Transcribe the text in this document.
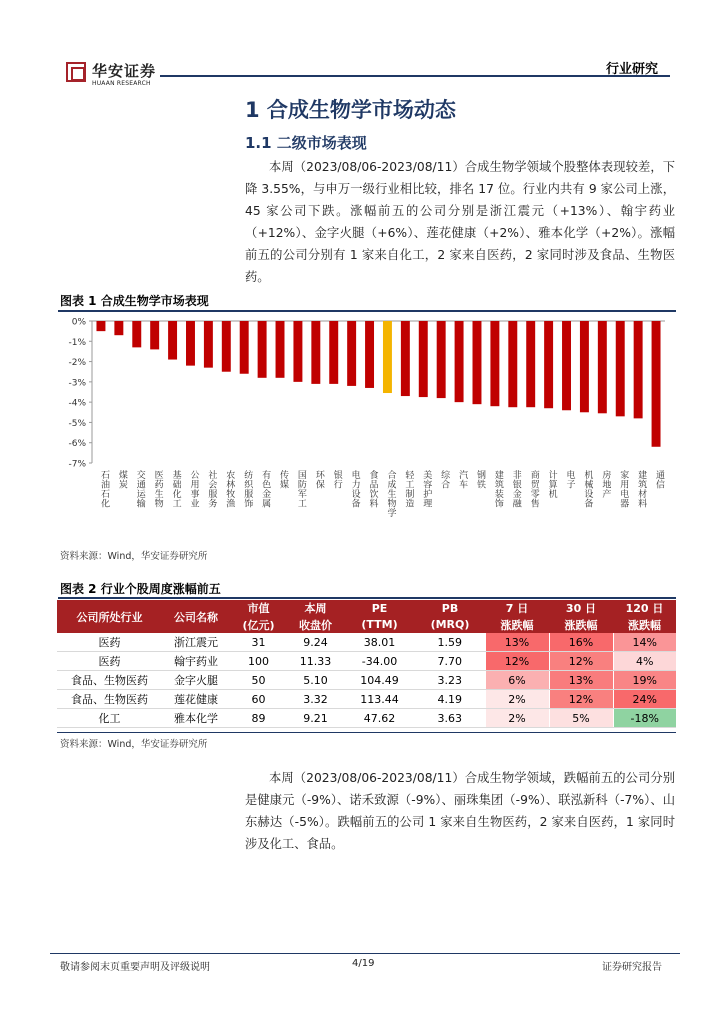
华安证券
HUAAN RESEARCH
行业研究
1 合成生物学市场动态
1.1 二级市场表现
本周（2023/08/06-2023/08/11）合成生物学领域个股整体表现较差，下降 3.55%，与申万一级行业相比较，排名 17 位。行业内共有 9 家公司上涨，45 家公司下跌。涨幅前五的公司分别是浙江震元（+13%）、翰宇药业（+12%）、金字火腿（+6%）、莲花健康（+2%）、雅本化学（+2%）。涨幅前五的公司分别有 1 家来自化工，2 家来自医药，2 家同时涉及食品、生物医药。
图表 1 合成生物学市场表现
0%
-1%
-2%
-3%
-4%
-5%
-6%
-7%
石油石化 煤炭 交通运输 医药生物 基础化工 公用事业 社会服务 农林牧渔 纺织服饰 有色金属 传媒 国防军工 环保 银行 电力设备 食品饮料 合成生物学 轻工制造 美容护理 综合 汽车 钢铁 建筑装饰 非银金融 商贸零售 计算机 电子 机械设备 房地产 家用电器 建筑材料 通信
资料来源：Wind，华安证券研究所
图表 2 行业个股周度涨幅前五
公司所处行业	公司名称	市值	本周	PE	PB	7 日	30 日	120 日
		(亿元)	收盘价	(TTM)	(MRQ)	涨跌幅	涨跌幅	涨跌幅
医药	浙江震元	31	9.24	38.01	1.59	13%	16%	14%
医药	翰宇药业	100	11.33	-34.00	7.70	12%	12%	4%
食品、生物医药	金字火腿	50	5.10	104.49	3.23	6%	13%	19%
食品、生物医药	莲花健康	60	3.32	113.44	4.19	2%	12%	24%
化工	雅本化学	89	9.21	47.62	3.63	2%	5%	-18%
资料来源：Wind，华安证券研究所
本周（2023/08/06-2023/08/11）合成生物学领域，跌幅前五的公司分别是健康元（-9%）、诺禾致源（-9%）、丽珠集团（-9%）、联泓新科（-7%）、山东赫达（-5%）。跌幅前五的公司 1 家来自生物医药，2 家来自医药，1 家同时涉及化工、食品。
敬请参阅末页重要声明及评级说明	4/19	证券研究报告
